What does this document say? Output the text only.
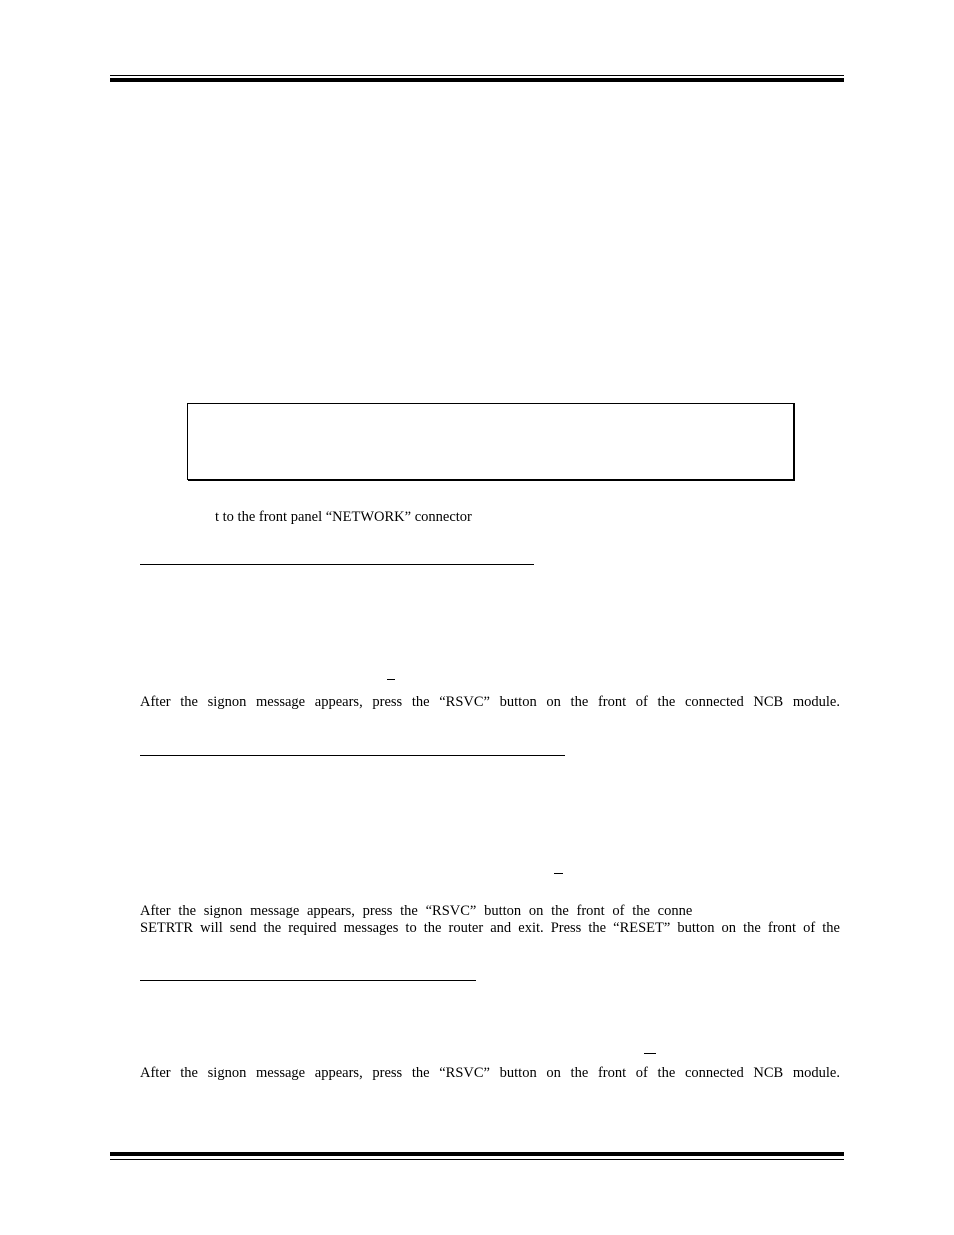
t to the front panel “NETWORK” connector
After the signon message appears, press the “RSVC” button on the front of the connected NCB module.
After the signon message appears, press the “RSVC” button on the front of the conne
SETRTR will send the required messages to the router and exit. Press the “RESET” button on the front of the
After the signon message appears, press the “RSVC” button on the front of the connected NCB module.
